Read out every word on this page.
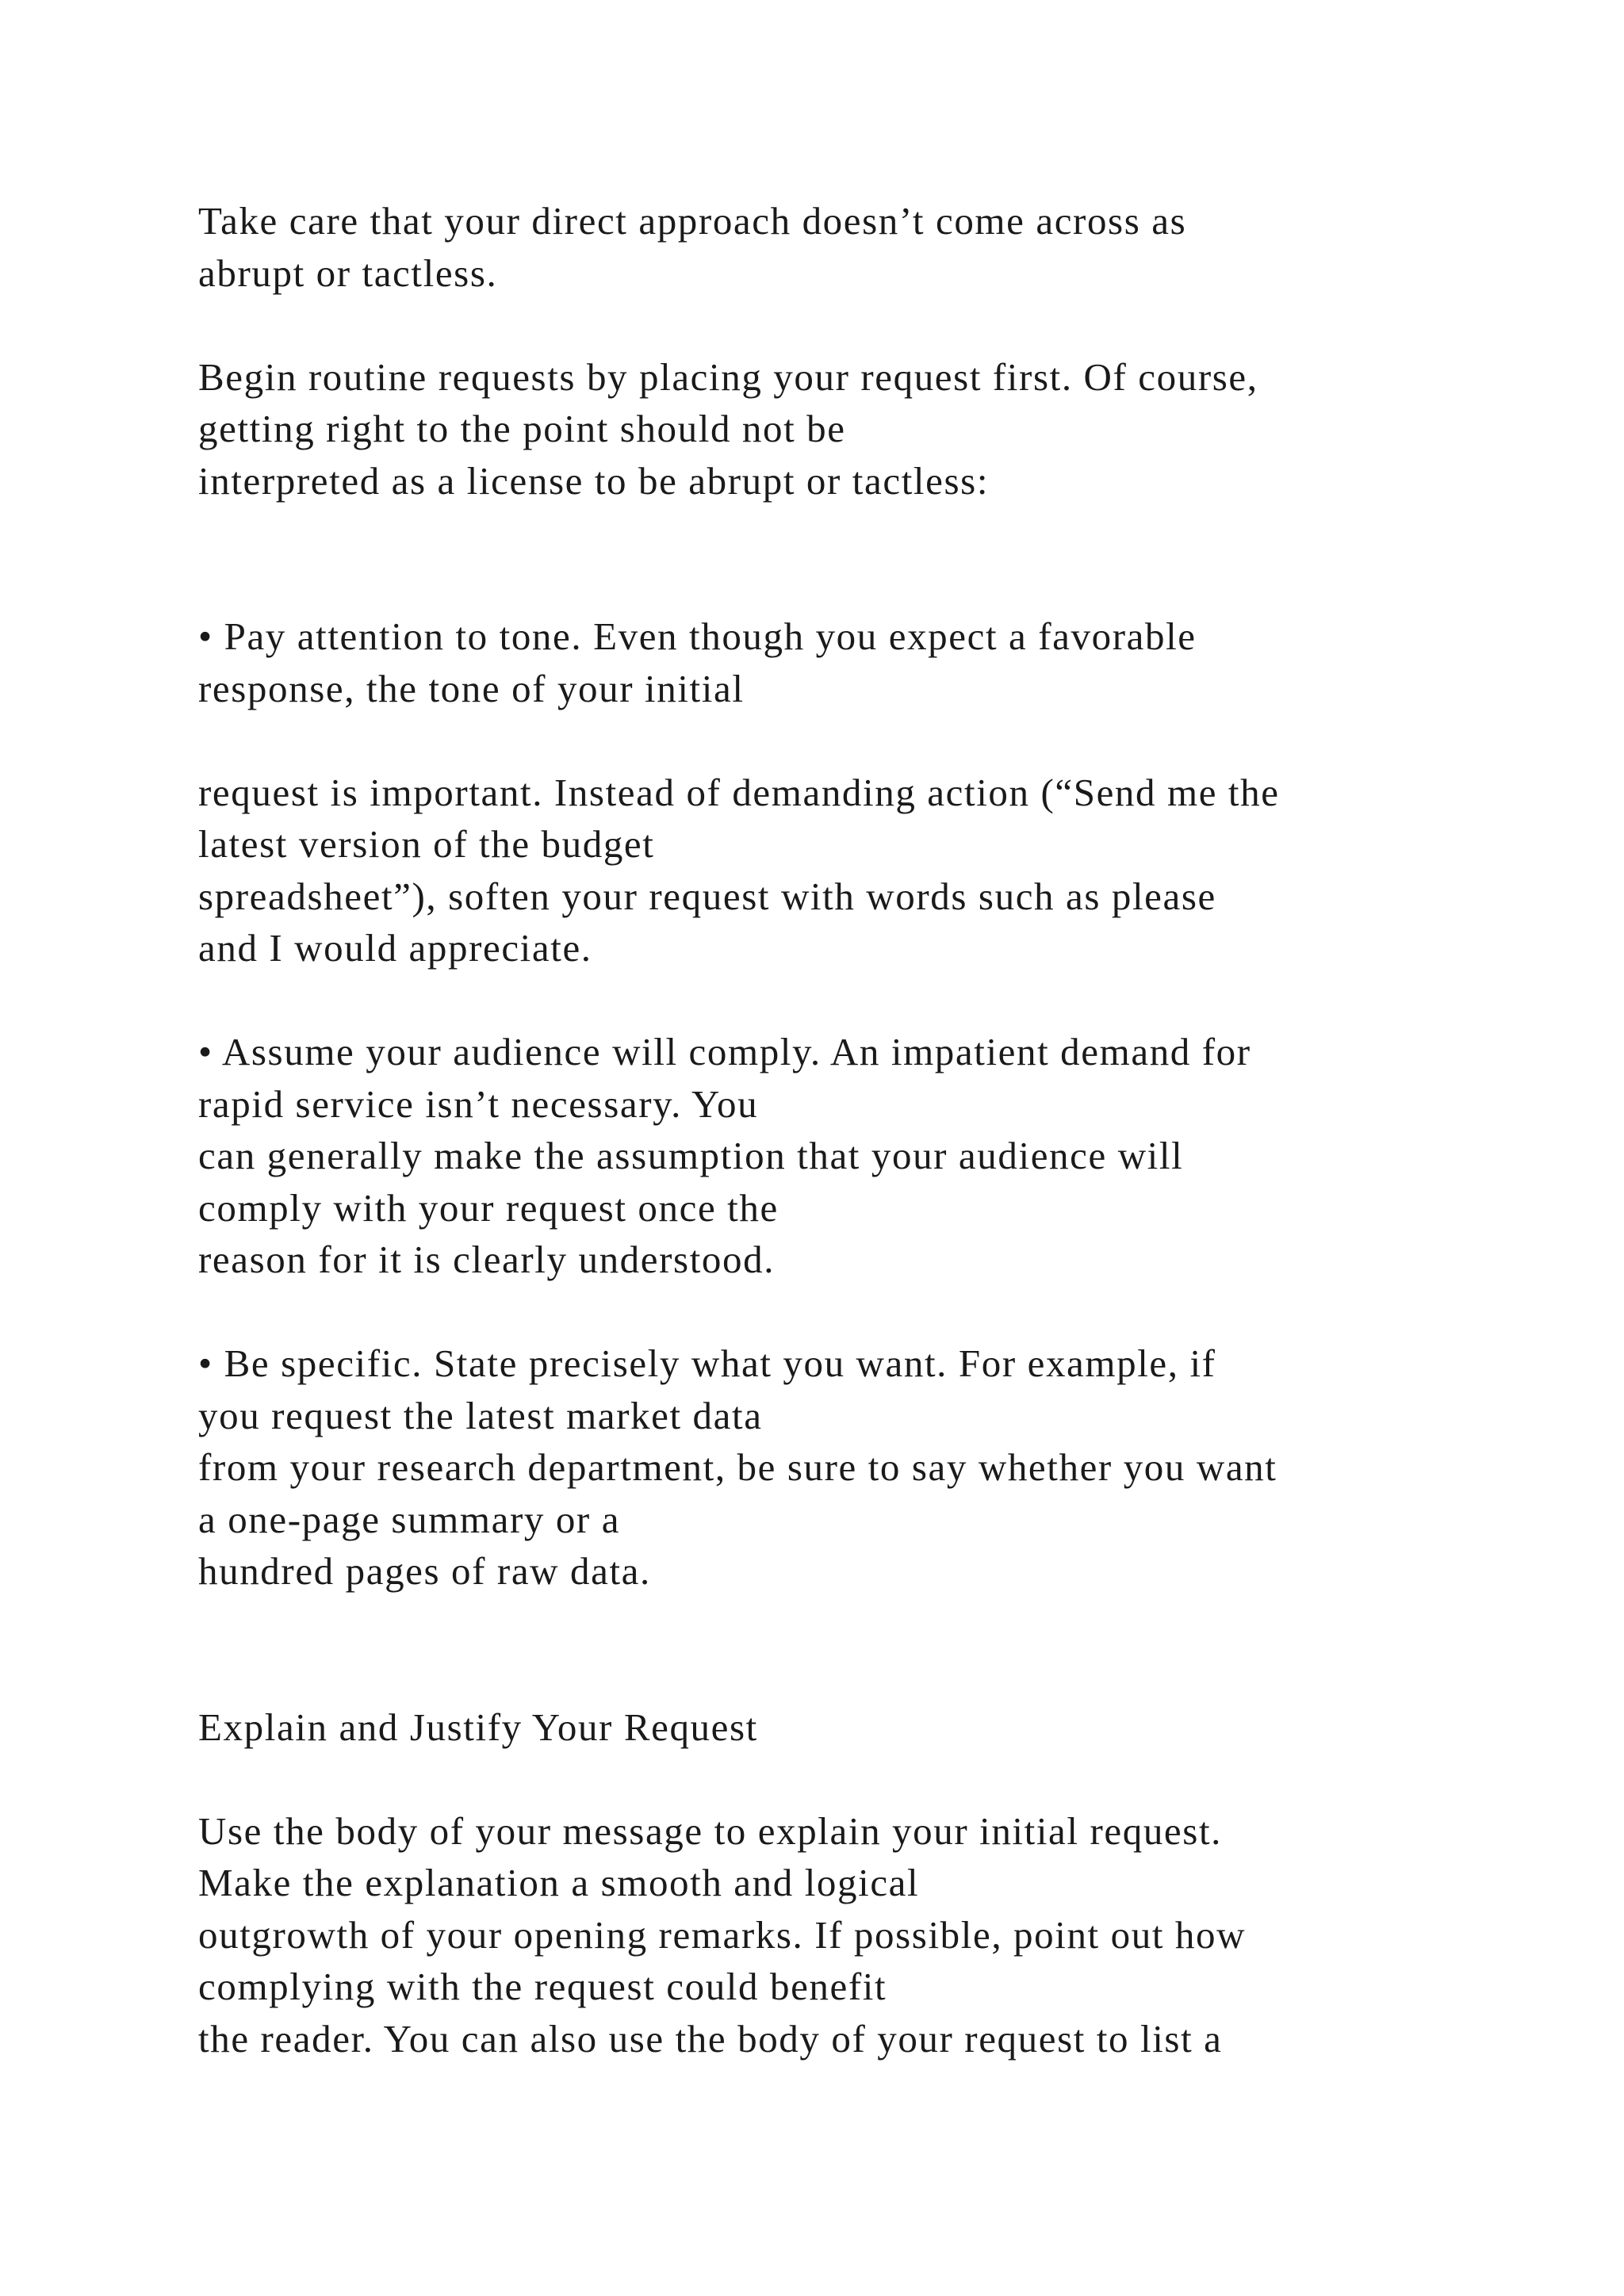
Take care that your direct approach doesn’t come across as
abrupt or tactless.
Begin routine requests by placing your request first. Of course,
getting right to the point should not be
interpreted as a license to be abrupt or tactless:
• Pay attention to tone. Even though you expect a favorable
response, the tone of your initial
request is important. Instead of demanding action (“Send me the
latest version of the budget
spreadsheet”), soften your request with words such as please
and I would appreciate.
• Assume your audience will comply. An impatient demand for
rapid service isn’t necessary. You
can generally make the assumption that your audience will
comply with your request once the
reason for it is clearly understood.
• Be specific. State precisely what you want. For example, if
you request the latest market data
from your research department, be sure to say whether you want
a one-page summary or a
hundred pages of raw data.
Explain and Justify Your Request
Use the body of your message to explain your initial request.
Make the explanation a smooth and logical
outgrowth of your opening remarks. If possible, point out how
complying with the request could benefit
the reader. You can also use the body of your request to list a
